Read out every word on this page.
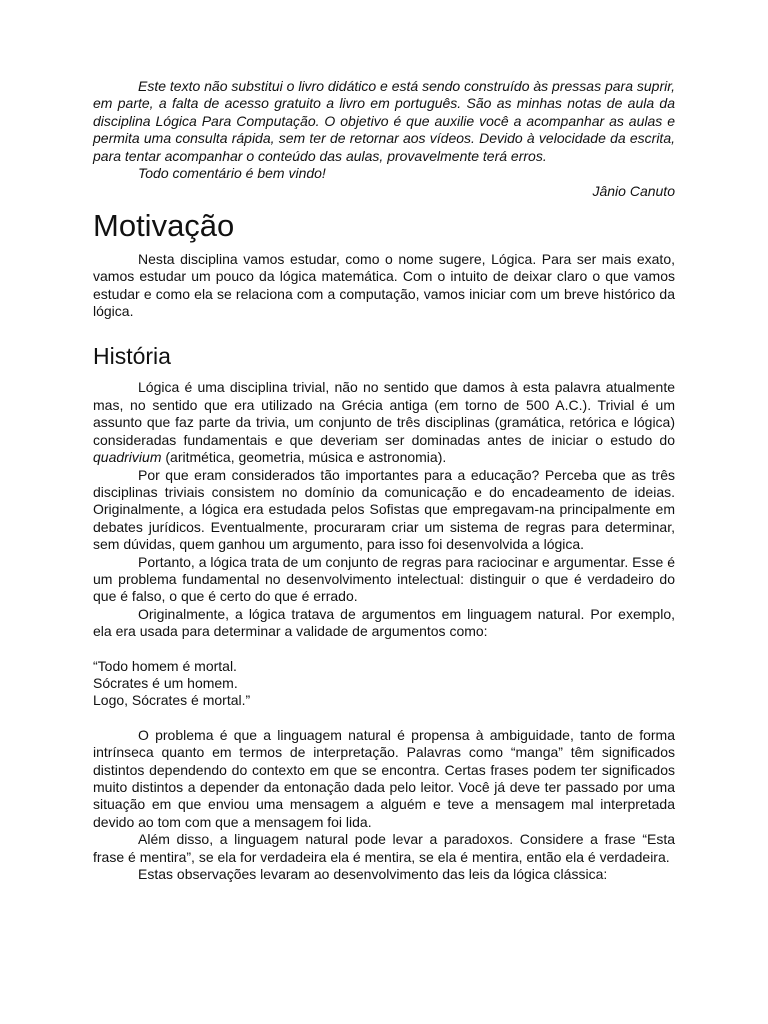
Este texto não substitui o livro didático e está sendo construído às pressas para suprir, em parte, a falta de acesso gratuito a livro em português. São as minhas notas de aula da disciplina Lógica Para Computação. O objetivo é que auxilie você a acompanhar as aulas e permita uma consulta rápida, sem ter de retornar aos vídeos. Devido à velocidade da escrita, para tentar acompanhar o conteúdo das aulas, provavelmente terá erros.

Todo comentário é bem vindo!

Jânio Canuto

Motivação

Nesta disciplina vamos estudar, como o nome sugere, Lógica. Para ser mais exato, vamos estudar um pouco da lógica matemática. Com o intuito de deixar claro o que vamos estudar e como ela se relaciona com a computação, vamos iniciar com um breve histórico da lógica.

História

Lógica é uma disciplina trivial, não no sentido que damos à esta palavra atualmente mas, no sentido que era utilizado na Grécia antiga (em torno de 500 A.C.). Trivial é um assunto que faz parte da trivia, um conjunto de três disciplinas (gramática, retórica e lógica) consideradas fundamentais e que deveriam ser dominadas antes de iniciar o estudo do quadrivium (aritmética, geometria, música e astronomia).

Por que eram considerados tão importantes para a educação? Perceba que as três disciplinas triviais consistem no domínio da comunicação e do encadeamento de ideias. Originalmente, a lógica era estudada pelos Sofistas que empregavam-na principalmente em debates jurídicos. Eventualmente, procuraram criar um sistema de regras para determinar, sem dúvidas, quem ganhou um argumento, para isso foi desenvolvida a lógica.

Portanto, a lógica trata de um conjunto de regras para raciocinar e argumentar. Esse é um problema fundamental no desenvolvimento intelectual: distinguir o que é verdadeiro do que é falso, o que é certo do que é errado.

Originalmente, a lógica tratava de argumentos em linguagem natural. Por exemplo, ela era usada para determinar a validade de argumentos como:

“Todo homem é mortal.

Sócrates é um homem.

Logo, Sócrates é mortal.”

O problema é que a linguagem natural é propensa à ambiguidade, tanto de forma intrínseca quanto em termos de interpretação. Palavras como “manga” têm significados distintos dependendo do contexto em que se encontra. Certas frases podem ter significados muito distintos a depender da entonação dada pelo leitor. Você já deve ter passado por uma situação em que enviou uma mensagem a alguém e teve a mensagem mal interpretada devido ao tom com que a mensagem foi lida.

Além disso, a linguagem natural pode levar a paradoxos. Considere a frase “Esta frase é mentira”, se ela for verdadeira ela é mentira, se ela é mentira, então ela é verdadeira.

Estas observações levaram ao desenvolvimento das leis da lógica clássica:
